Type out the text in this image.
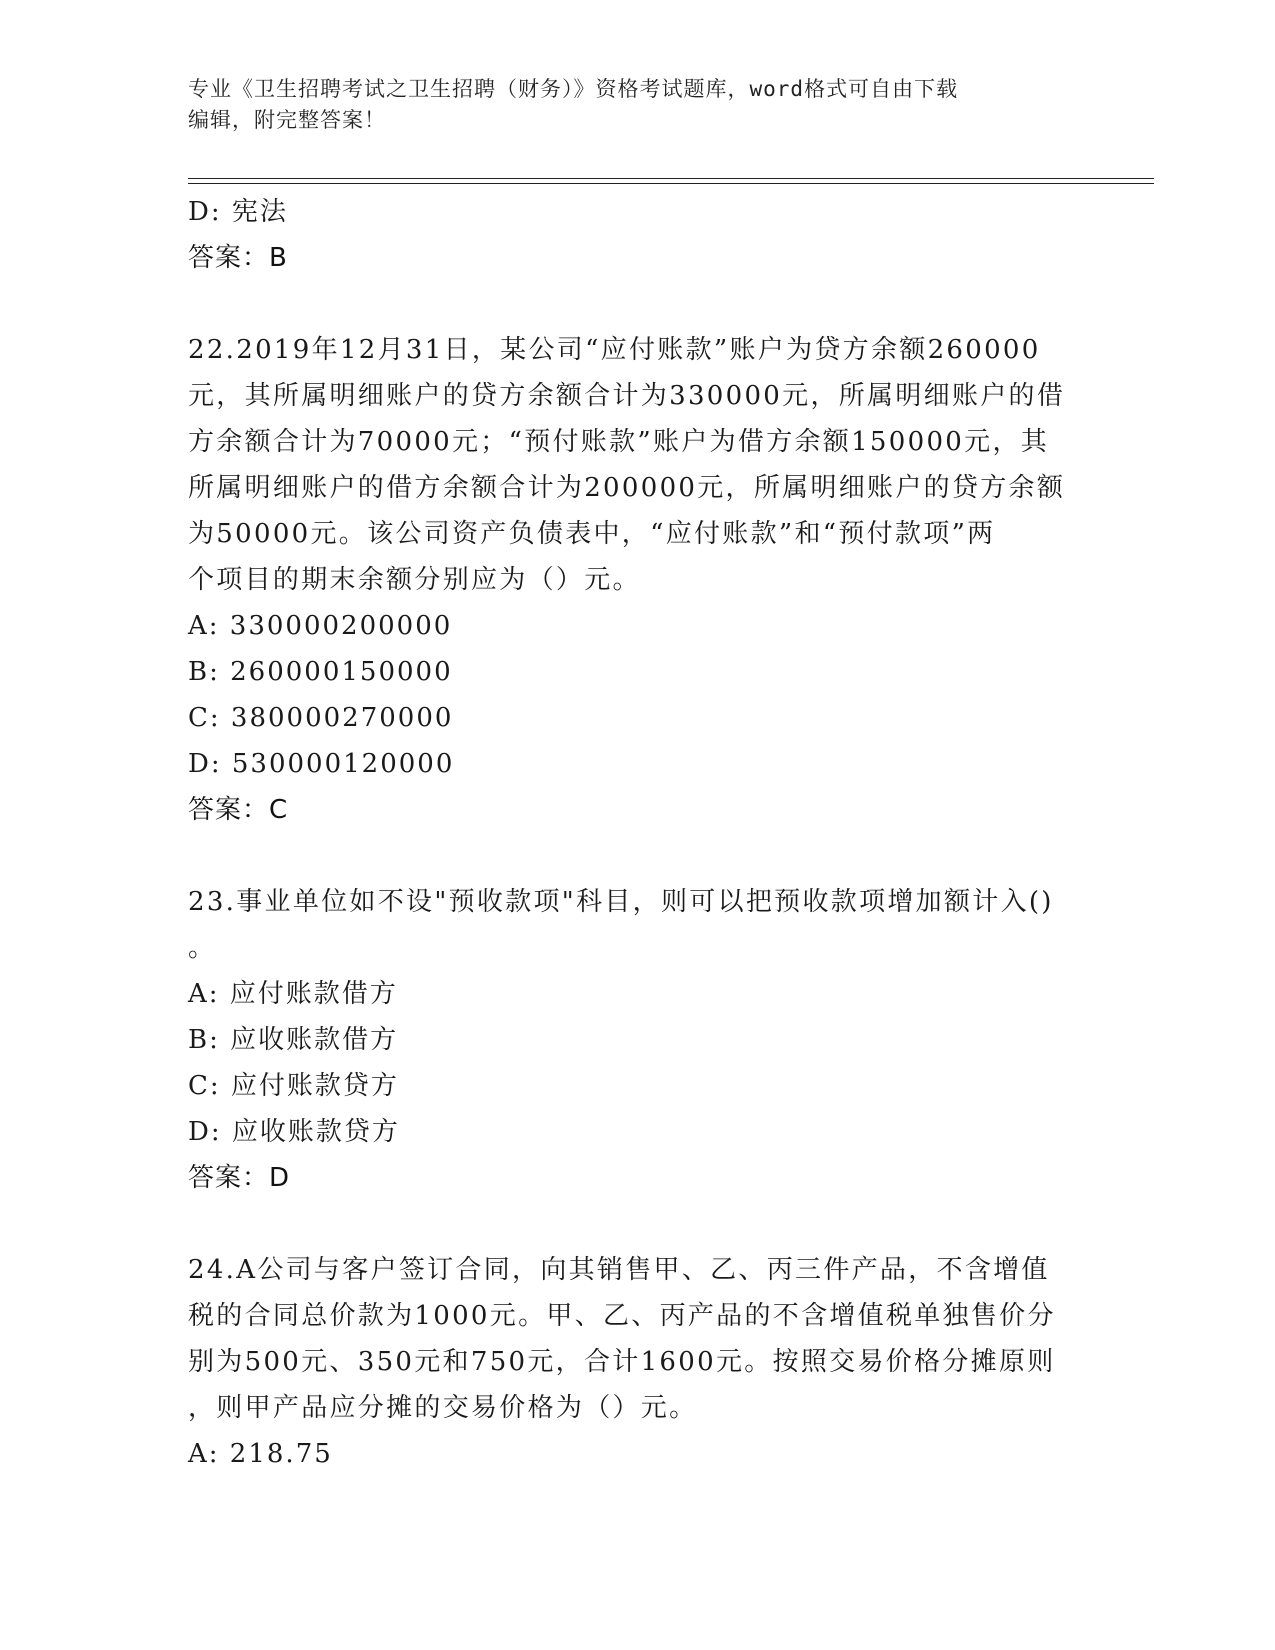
专业《卫生招聘考试之卫生招聘（财务）》资格考试题库，word格式可自由下载
编辑，附完整答案！
D: 宪法
答案：B
22.2019年12月31日，某公司“应付账款”账户为贷方余额260000
元，其所属明细账户的贷方余额合计为330000元，所属明细账户的借
方余额合计为70000元；“预付账款”账户为借方余额150000元，其
所属明细账户的借方余额合计为200000元，所属明细账户的贷方余额
为50000元。该公司资产负债表中，“应付账款”和“预付款项”两
个项目的期末余额分别应为（）元。
A: 330000200000
B: 260000150000
C: 380000270000
D: 530000120000
答案：C
23.事业单位如不设"预收款项"科目，则可以把预收款项增加额计入()
。
A: 应付账款借方
B: 应收账款借方
C: 应付账款贷方
D: 应收账款贷方
答案：D
24.A公司与客户签订合同，向其销售甲、乙、丙三件产品，不含增值
税的合同总价款为1000元。甲、乙、丙产品的不含增值税单独售价分
别为500元、350元和750元，合计1600元。按照交易价格分摊原则
，则甲产品应分摊的交易价格为（）元。
A: 218.75
